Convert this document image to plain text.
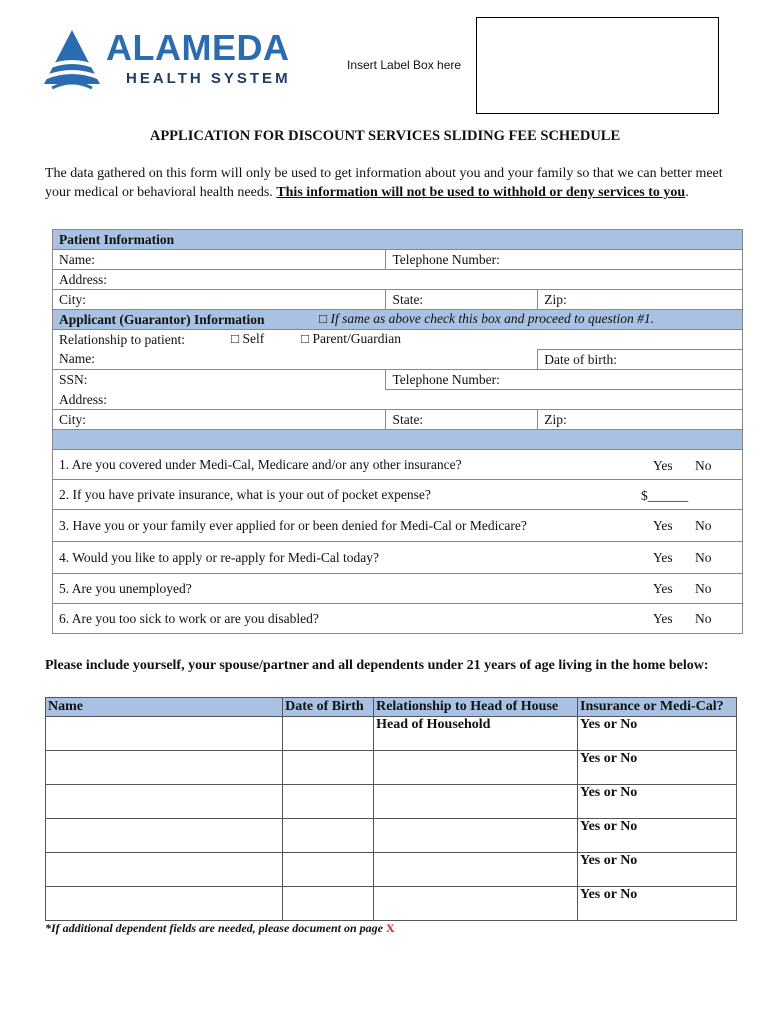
ALAMEDA
HEALTH SYSTEM
Insert Label Box here
APPLICATION FOR DISCOUNT SERVICES SLIDING FEE SCHEDULE
The data gathered on this form will only be used to get information about you and your family so that we can better meet your medical or behavioral health needs. This information will not be used to withhold or deny services to you.
Patient Information		
Name:	Telephone Number:	
Address:		
City:	State:	Zip:
Applicant (Guarantor) Information □ If same as above check this box and proceed to question #1.		

Relationship to patient: □ Self □ Parent/Guardian		

Name:		Date of birth:
SSN:	Telephone Number:	
Address:		
City:	State:	Zip:

1. Are you covered under Medi-Cal, Medicare and/or any other insurance? Yes No		

2. If you have private insurance, what is your out of pocket expense? $______		

3. Have you or your family ever applied for or been denied for Medi-Cal or Medicare? Yes No		

4. Would you like to apply or re-apply for Medi-Cal today? Yes No		

5. Are you unemployed? Yes No		

6. Are you too sick to work or are you disabled? Yes No		
Please include yourself, your spouse/partner and all dependents under 21 years of age living in the home below:
Name	Date of Birth	Relationship to Head of House	Insurance or Medi-Cal?
		Head of Household	Yes or No
			Yes or No
			Yes or No
			Yes or No
			Yes or No
			Yes or No
*If additional dependent fields are needed, please document on page X
